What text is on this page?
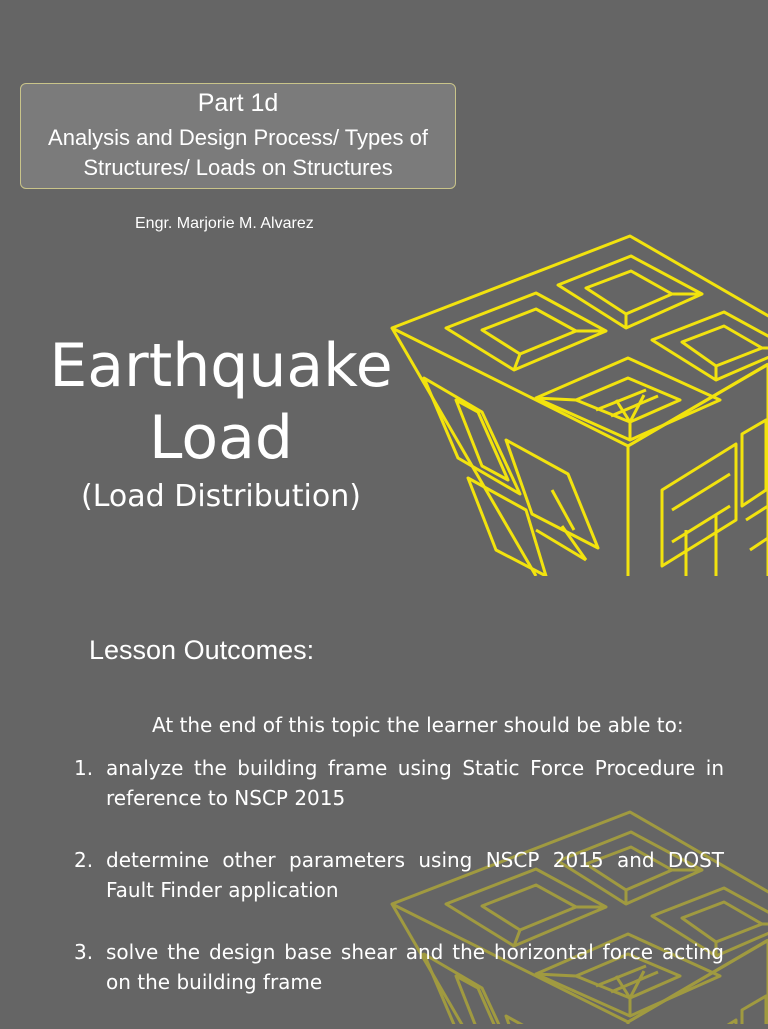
Part 1d
Analysis and Design Process/ Types of Structures/ Loads on Structures
Engr. Marjorie M. Alvarez
Earthquake
Load
(Load Distribution)
Lesson Outcomes:
At the end of this topic the learner should be able to:
1. analyze the building frame using Static Force Procedure in reference to NSCP 2015
2. determine other parameters using NSCP 2015 and DOST Fault Finder application
3. solve the design base shear and the horizontal force acting on the building frame
